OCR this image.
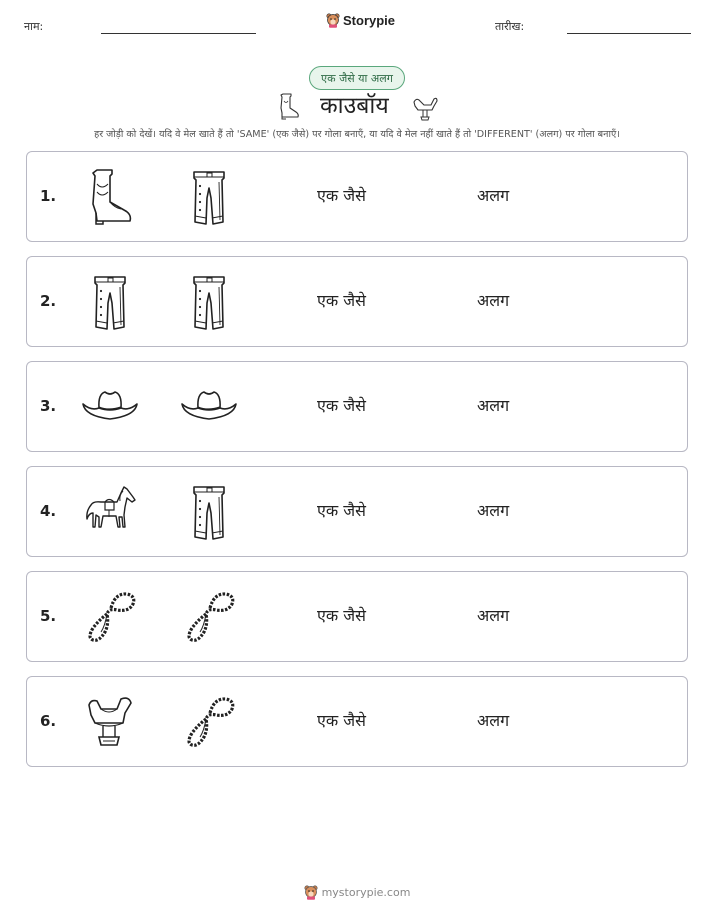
नाम:	Storypie	तारीख:
एक जैसे या अलग
काउबॉय
हर जोड़ी को देखें। यदि वे मेल खाते हैं तो 'SAME' (एक जैसे) पर गोला बनाएँ, या यदि वे मेल नहीं खाते हैं तो 'DIFFERENT' (अलग) पर गोला बनाएँ।
1.	एक जैसे	अलग
2.	एक जैसे	अलग
3.	एक जैसे	अलग
4.	एक जैसे	अलग
5.	एक जैसे	अलग
6.	एक जैसे	अलग
mystorypie.com
